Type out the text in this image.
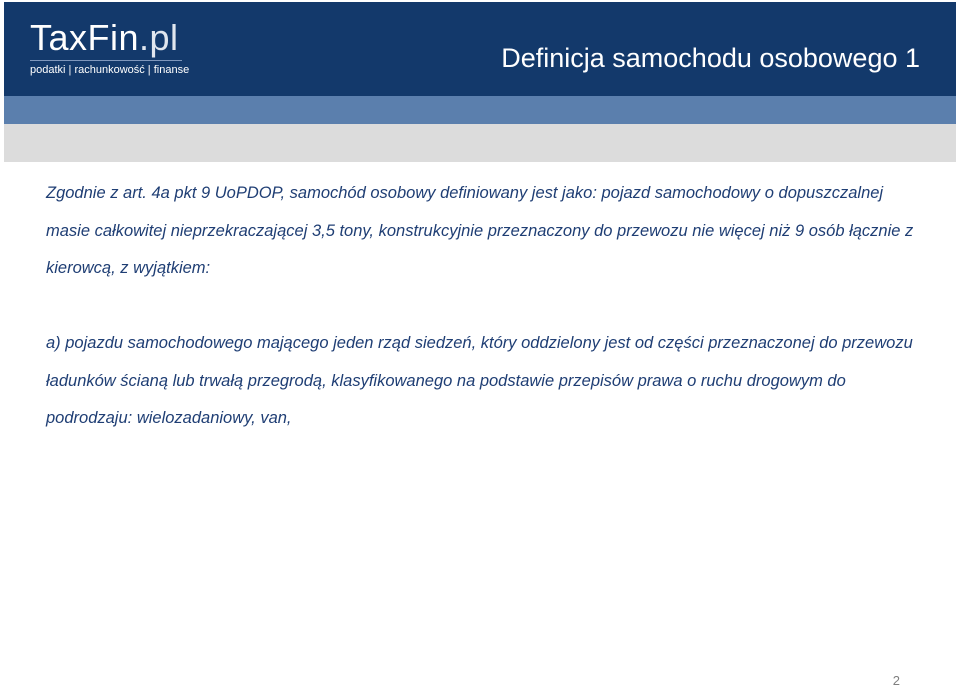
TaxFin.pl
podatki | rachunkowość | finanse	Definicja samochodu osobowego 1

Zgodnie z art. 4a pkt 9 UoPDOP, samochód osobowy definiowany jest jako: pojazd samochodowy o dopuszczalnej masie całkowitej nieprzekraczającej 3,5 tony, konstrukcyjnie przeznaczony do przewozu nie więcej niż 9 osób łącznie z kierowcą, z wyjątkiem:

a) pojazdu samochodowego mającego jeden rząd siedzeń, który oddzielony jest od części przeznaczonej do przewozu ładunków ścianą lub trwałą przegrodą, klasyfikowanego na podstawie przepisów prawa o ruchu drogowym do podrodzaju: wielozadaniowy, van,

2
